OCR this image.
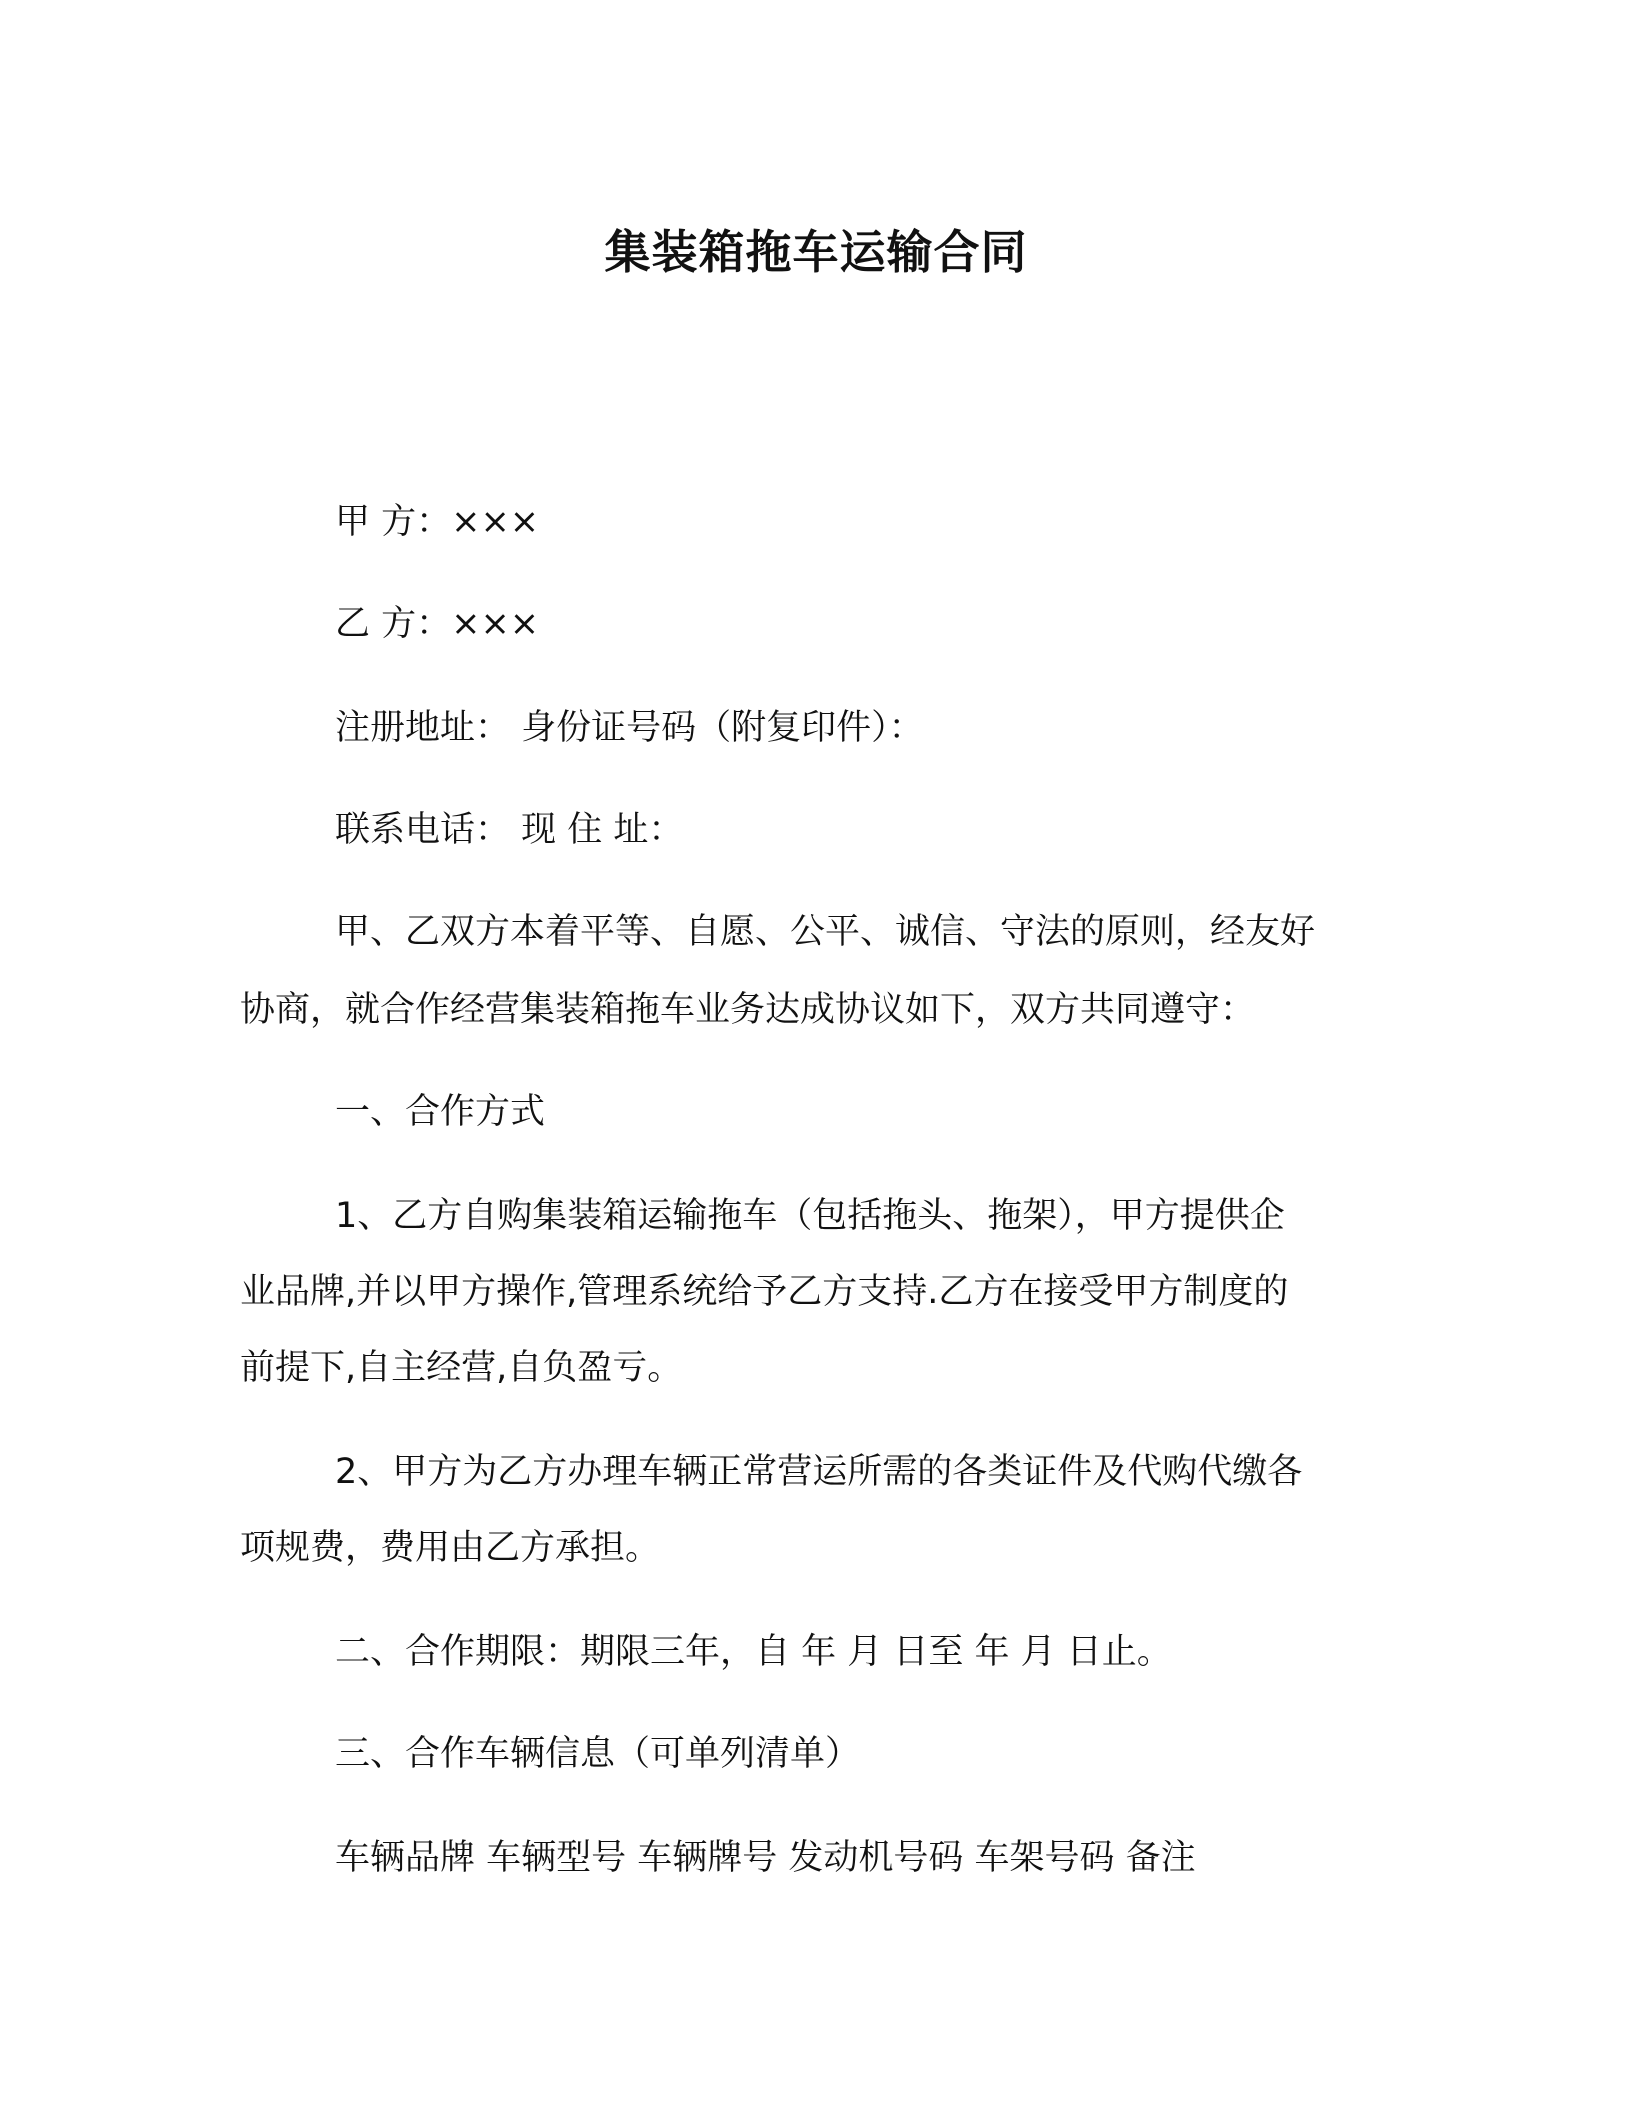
集装箱拖车运输合同
甲 方：×××
乙 方：×××
注册地址： 身份证号码（附复印件）：
联系电话： 现 住 址：
甲、乙双方本着平等、自愿、公平、诚信、守法的原则，经友好
协商，就合作经营集装箱拖车业务达成协议如下，双方共同遵守：
一、合作方式
1、乙方自购集装箱运输拖车（包括拖头、拖架），甲方提供企
业品牌,并以甲方操作,管理系统给予乙方支持.乙方在接受甲方制度的
前提下,自主经营,自负盈亏。
2、甲方为乙方办理车辆正常营运所需的各类证件及代购代缴各
项规费，费用由乙方承担。
二、合作期限：期限三年，自 年 月 日至 年 月 日止。
三、合作车辆信息（可单列清单）
车辆品牌 车辆型号 车辆牌号 发动机号码 车架号码 备注
